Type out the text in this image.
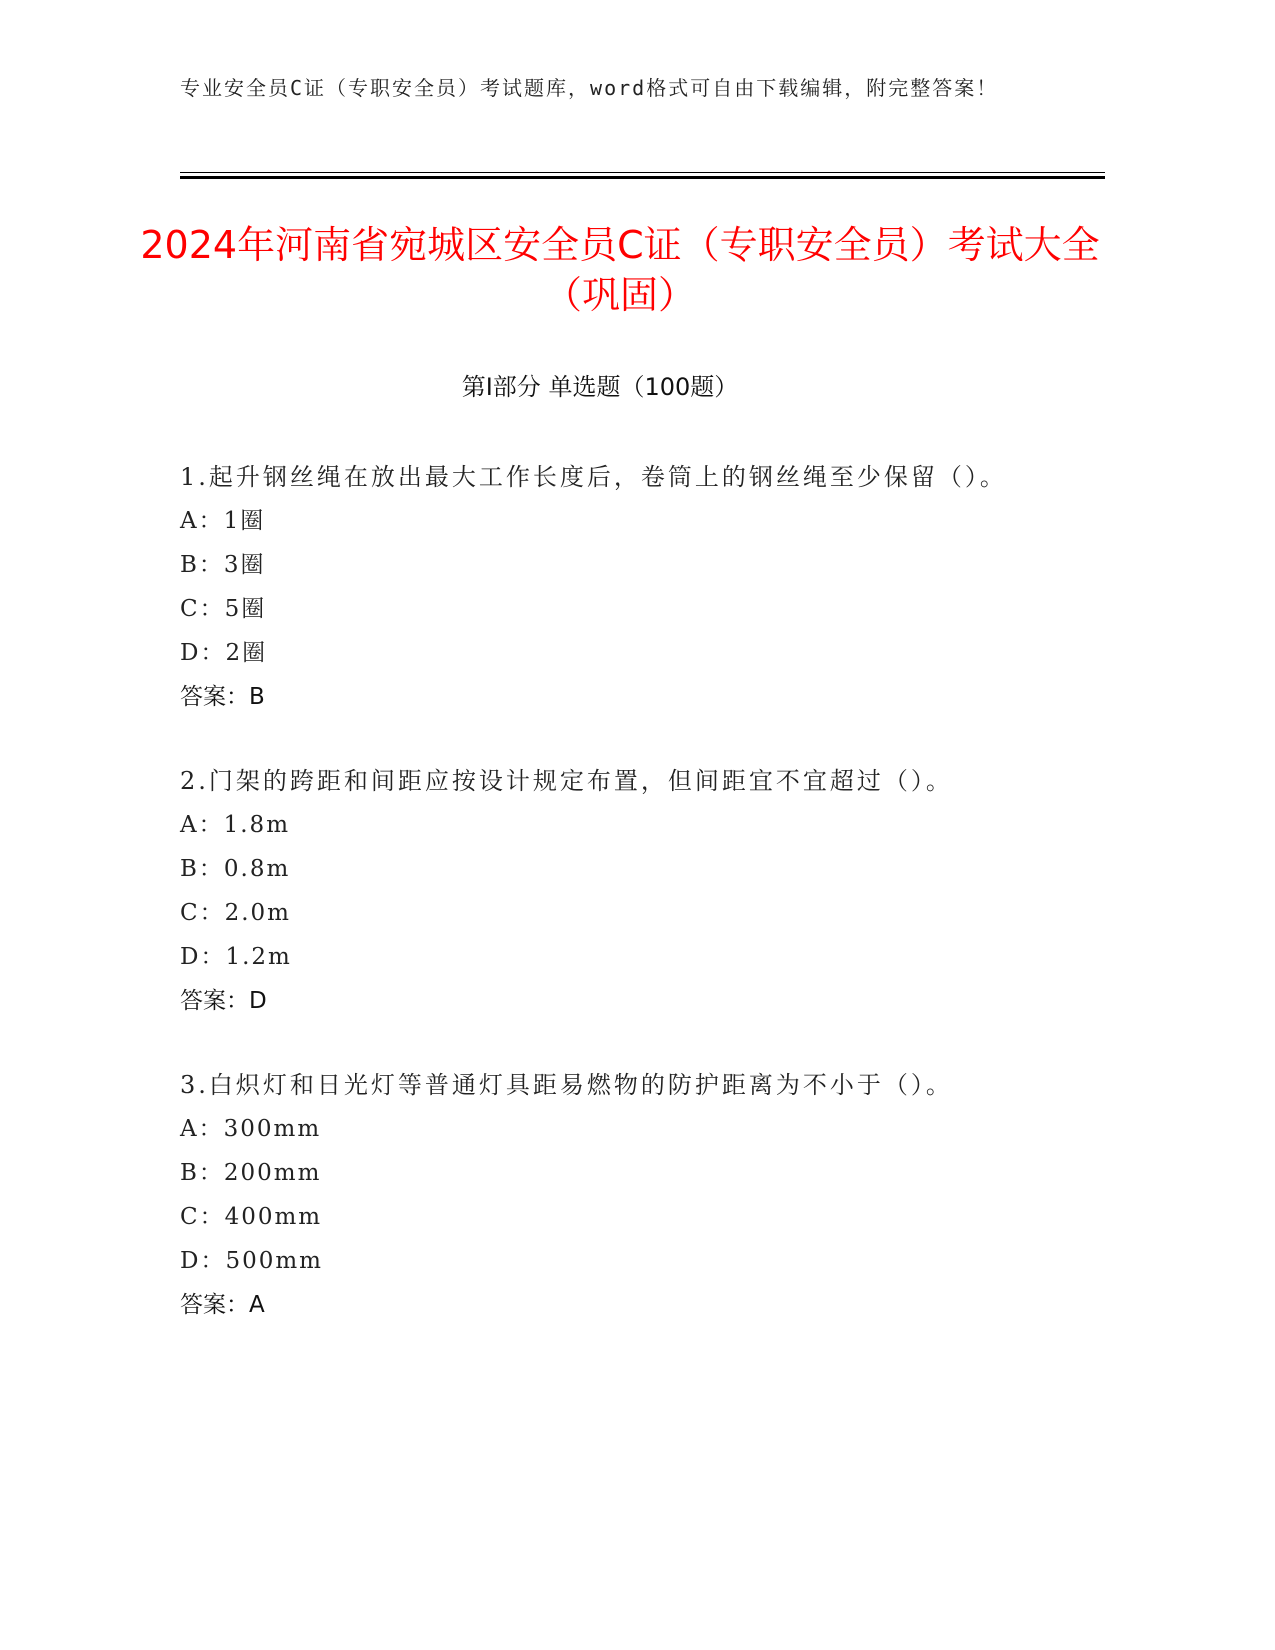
专业安全员C证（专职安全员）考试题库，word格式可自由下载编辑，附完整答案！
2024年河南省宛城区安全员C证（专职安全员）考试大全（巩固）
第I部分 单选题（100题）
1.起升钢丝绳在放出最大工作长度后，卷筒上的钢丝绳至少保留（）。
A：1圈
B：3圈
C：5圈
D：2圈
答案：B
2.门架的跨距和间距应按设计规定布置，但间距宜不宜超过（）。
A：1.8m
B：0.8m
C：2.0m
D：1.2m
答案：D
3.白炽灯和日光灯等普通灯具距易燃物的防护距离为不小于（）。
A：300mm
B：200mm
C：400mm
D：500mm
答案：A
